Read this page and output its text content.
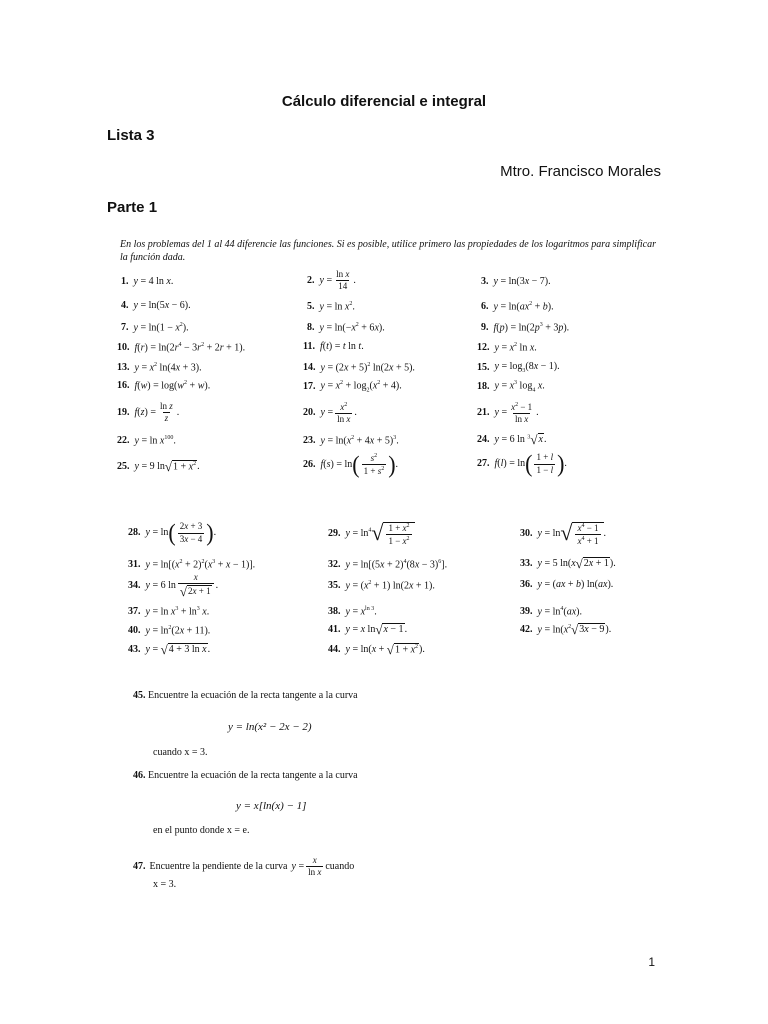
Cálculo diferencial e integral
Lista 3
Mtro. Francisco Morales
Parte 1
En los problemas del 1 al 44 diferencie las funciones. Si es posible, utilice primero las propiedades de los logaritmos para simplificar la función dada.
1. y = 4 ln x.	2. $y = \frac{\text{ln x}}{14}$ .	3. y = ln(3x − 7).
4. y = ln(5x − 6).	5. $y = \ln x^2$.	6. $y = \ln(ax^2 + b)$.
7. $y = \ln(1 - x^2)$.	8. $y = \ln(-x^2 + 6x)$.	9. $f(p) = \ln(2p^3 + 3p)$.
10. $f(r) = \ln(2r^4 - 3r^2 + 2r + 1)$.	11. f(t) = t ln t.	12. $y = x^2$ ln x.
13. $y = x^2$ ln(4x + 3).	14. $y = (2x + 5)^2$ ln(2x + 5).	15. $y = \log_3(8x - 1)$.
16. $f(w) = \log(w^2 + w)$.	17. $y = x^2 + \log_2(x^2 + 4)$.	18. $y = x^3$ $\log_4 x$.
19. $f(z) = \frac{\text{ln z}}{z}$ .	20. $y = \frac{x^2}{\text{ln x}}$ .	21. $y = \frac{x^2 - 1}{\text{ln x}}$ .
22. $y = \ln x^{100}$.	23. $y = \ln(x^2 + 4x + 5)^3$.	24. y = 6 ln $^3$√ x .
25. y = 9 ln √ $1 + x^2$ .	26. f(s) = ln ( $\frac{s^2}{1 + s^2}$ ) .	27. f(l) = ln ( $\frac{1 + l}{1 - l}$ ) .
28. y = ln ( $\frac{2x + 3}{3x - 4}$ ) .	29. $y = \ln ^4√ \frac{1 + x^2}{1 - x^2}$	30. y = ln √ $\frac{x^4 - 1}{x^4 + 1}$ .
31. $y = \ln[(x^2 + 2)^2(x^3 + x - 1)]$.	32. $y = \ln[(5x + 2)^4(8x - 3)^6]$.	33. y = 5 ln(x √ 2x + 1 ).
34. y = 6 $\ln \frac{x}{√ 2x + 1}$ .	35. $y = (x^2 + 1) \ln(2x + 1)$.	36. y = (ax + b) ln(ax).
37. $y = \ln x^3 + \ln^3 x$.	38. $y = x^{ln 3}$.	39. $y = \ln^4(ax)$.
40. $y = \ln^2(2x + 11)$.	41. y = x ln √ x − 1 .	42. $y = \ln(x^2$ √ 3x − 9 ).
43. y = √ 4 + 3 ln x .	44. y = ln(x + √ $1 + x^2$ ).
45. Encuentre la ecuación de la recta tangente a la curva
y = ln(x² − 2x − 2)
cuando x = 3.
46. Encuentre la ecuación de la recta tangente a la curva
y = x[ln(x) − 1]
en el punto donde x = e.
47. Encuentre la pendiente de la curva $y = \frac{x}{\text{ln x}}$ cuando
x = 3.
1
